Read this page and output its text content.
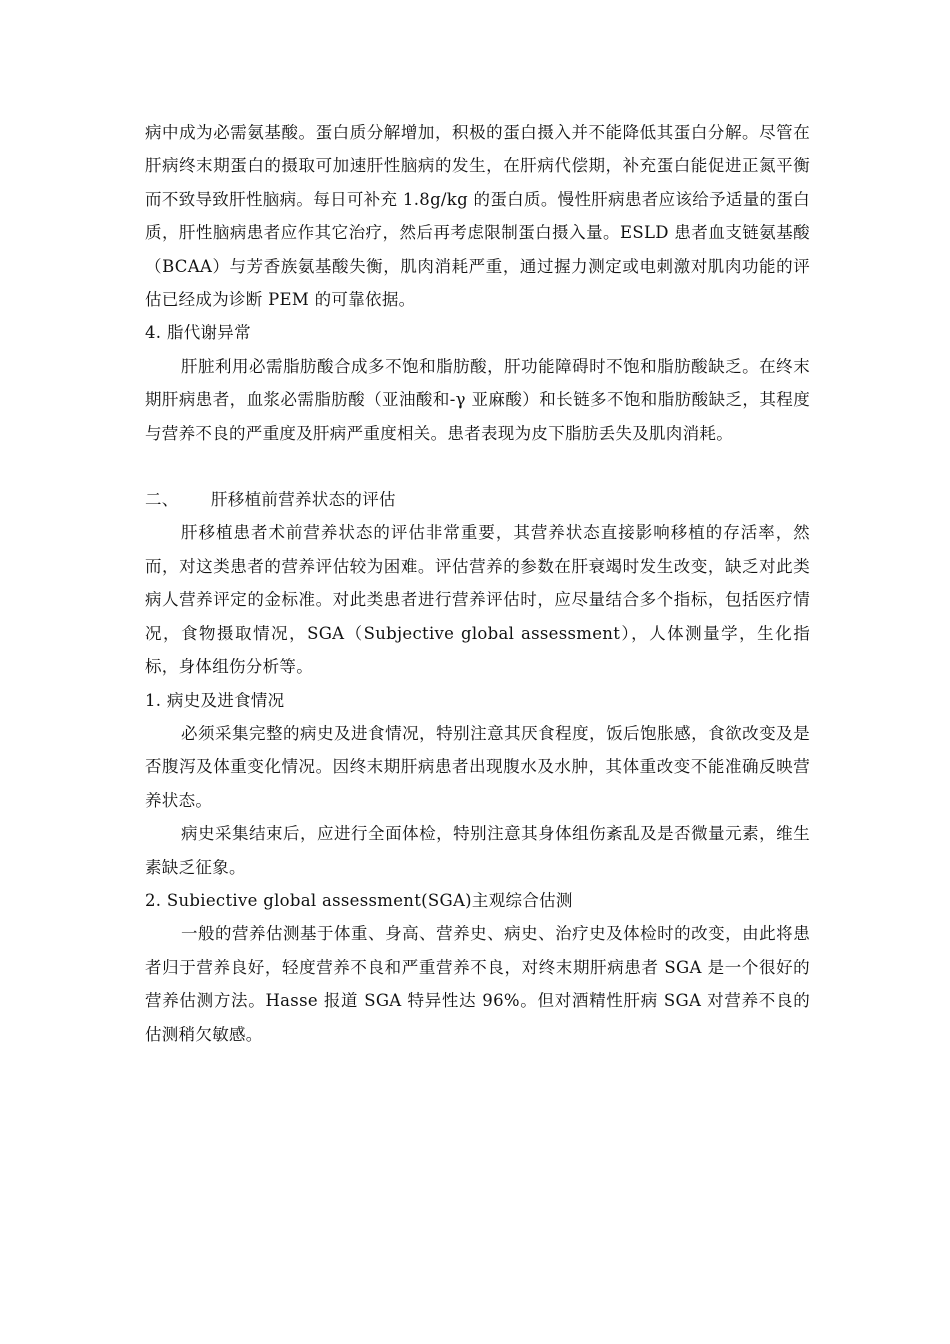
病中成为必需氨基酸。蛋白质分解增加，积极的蛋白摄入并不能降低其蛋白分解。尽管在肝病终末期蛋白的摄取可加速肝性脑病的发生，在肝病代偿期，补充蛋白能促进正氮平衡而不致导致肝性脑病。每日可补充 1.8g/kg 的蛋白质。慢性肝病患者应该给予适量的蛋白质，肝性脑病患者应作其它治疗，然后再考虑限制蛋白摄入量。ESLD 患者血支链氨基酸（BCAA）与芳香族氨基酸失衡，肌肉消耗严重，通过握力测定或电刺激对肌肉功能的评估已经成为诊断 PEM 的可靠依据。

4. 脂代谢异常

肝脏利用必需脂肪酸合成多不饱和脂肪酸，肝功能障碍时不饱和脂肪酸缺乏。在终末期肝病患者，血浆必需脂肪酸（亚油酸和-γ 亚麻酸）和长链多不饱和脂肪酸缺乏，其程度与营养不良的严重度及肝病严重度相关。患者表现为皮下脂肪丢失及肌肉消耗。

二、 肝移植前营养状态的评估

肝移植患者术前营养状态的评估非常重要，其营养状态直接影响移植的存活率，然而，对这类患者的营养评估较为困难。评估营养的参数在肝衰竭时发生改变，缺乏对此类病人营养评定的金标准。对此类患者进行营养评估时，应尽量结合多个指标，包括医疗情况，食物摄取情况，SGA（Subjective global assessment），人体测量学，生化指标，身体组伤分析等。

1. 病史及进食情况

必须采集完整的病史及进食情况，特别注意其厌食程度，饭后饱胀感，食欲改变及是否腹泻及体重变化情况。因终末期肝病患者出现腹水及水肿，其体重改变不能准确反映营养状态。

病史采集结束后，应进行全面体检，特别注意其身体组伤紊乱及是否微量元素，维生素缺乏征象。

2. Subiective global assessment(SGA)主观综合估测

一般的营养估测基于体重、身高、营养史、病史、治疗史及体检时的改变，由此将患者归于营养良好，轻度营养不良和严重营养不良，对终末期肝病患者 SGA 是一个很好的营养估测方法。Hasse 报道 SGA 特异性达 96%。但对酒精性肝病 SGA 对营养不良的估测稍欠敏感。
